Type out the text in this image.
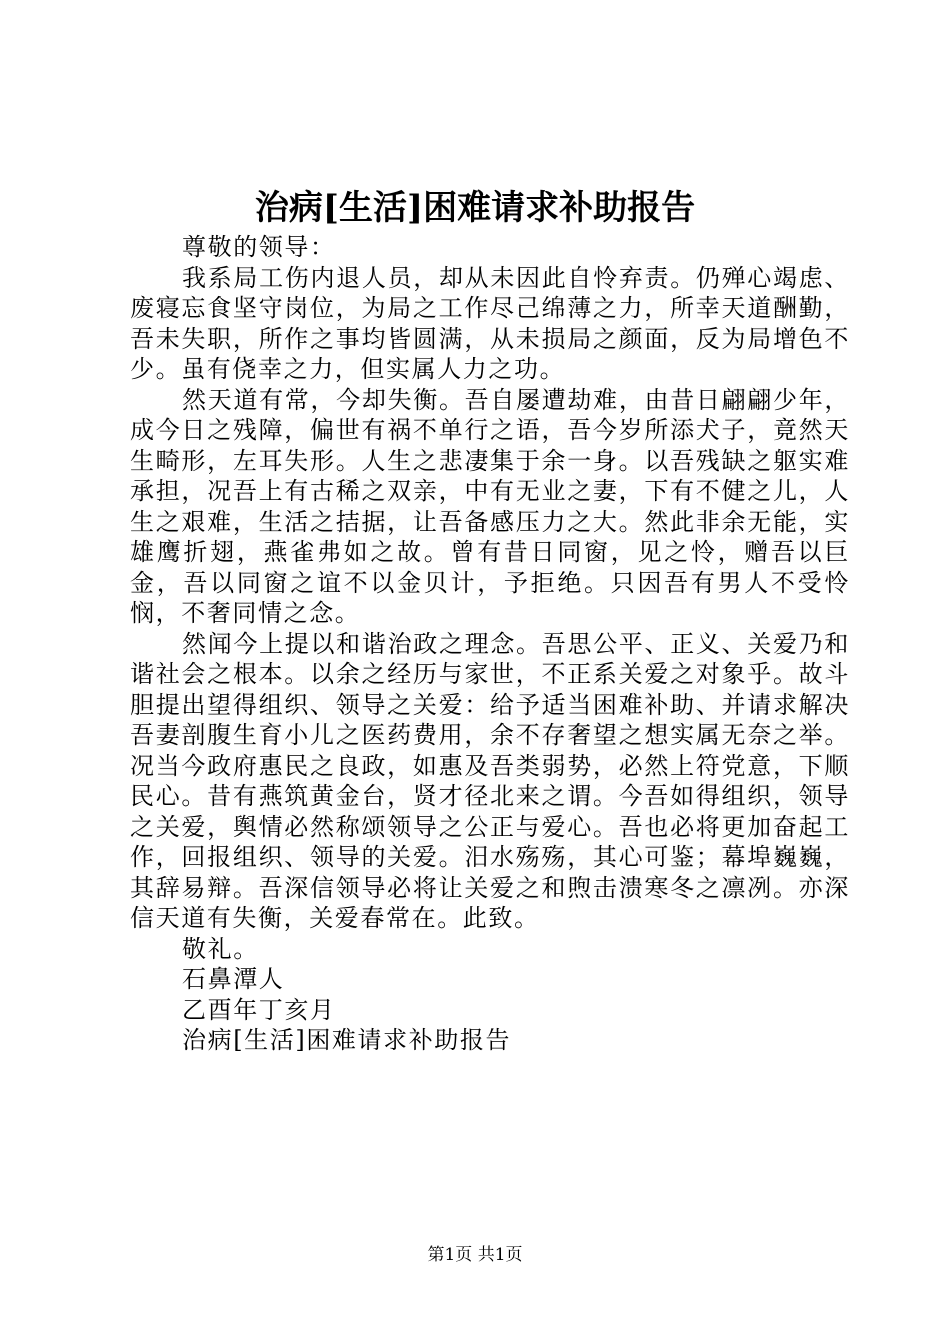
治病[生活]困难请求补助报告

尊敬的领导：

我系局工伤内退人员，却从未因此自怜弃责。仍殚心竭虑、废寝忘食坚守岗位，为局之工作尽己绵薄之力，所幸天道酬勤，吾未失职，所作之事均皆圆满，从未损局之颜面，反为局增色不少。虽有侥幸之力，但实属人力之功。

然天道有常，今却失衡。吾自屡遭劫难，由昔日翩翩少年，成今日之残障，偏世有祸不单行之语，吾今岁所添犬子，竟然天生畸形，左耳失形。人生之悲凄集于余一身。以吾残缺之躯实难承担，况吾上有古稀之双亲，中有无业之妻，下有不健之儿，人生之艰难，生活之拮据，让吾备感压力之大。然此非余无能，实雄鹰折翅，燕雀弗如之故。曾有昔日同窗，见之怜，赠吾以巨金，吾以同窗之谊不以金贝计，予拒绝。只因吾有男人不受怜悯，不奢同情之念。

然闻今上提以和谐治政之理念。吾思公平、正义、关爱乃和谐社会之根本。以余之经历与家世，不正系关爱之对象乎。故斗胆提出望得组织、领导之关爱：给予适当困难补助、并请求解决吾妻剖腹生育小儿之医药费用，余不存奢望之想实属无奈之举。况当今政府惠民之良政，如惠及吾类弱势，必然上符党意，下顺民心。昔有燕筑黄金台，贤才径北来之谓。今吾如得组织，领导之关爱，舆情必然称颂领导之公正与爱心。吾也必将更加奋起工作，回报组织、领导的关爱。汨水殇殇，其心可鉴；幕埠巍巍，其辞易辩。吾深信领导必将让关爱之和煦击溃寒冬之凛冽。亦深信天道有失衡，关爱春常在。此致。

敬礼。

石鼻潭人

乙酉年丁亥月

治病[生活]困难请求补助报告

第1页 共1页
